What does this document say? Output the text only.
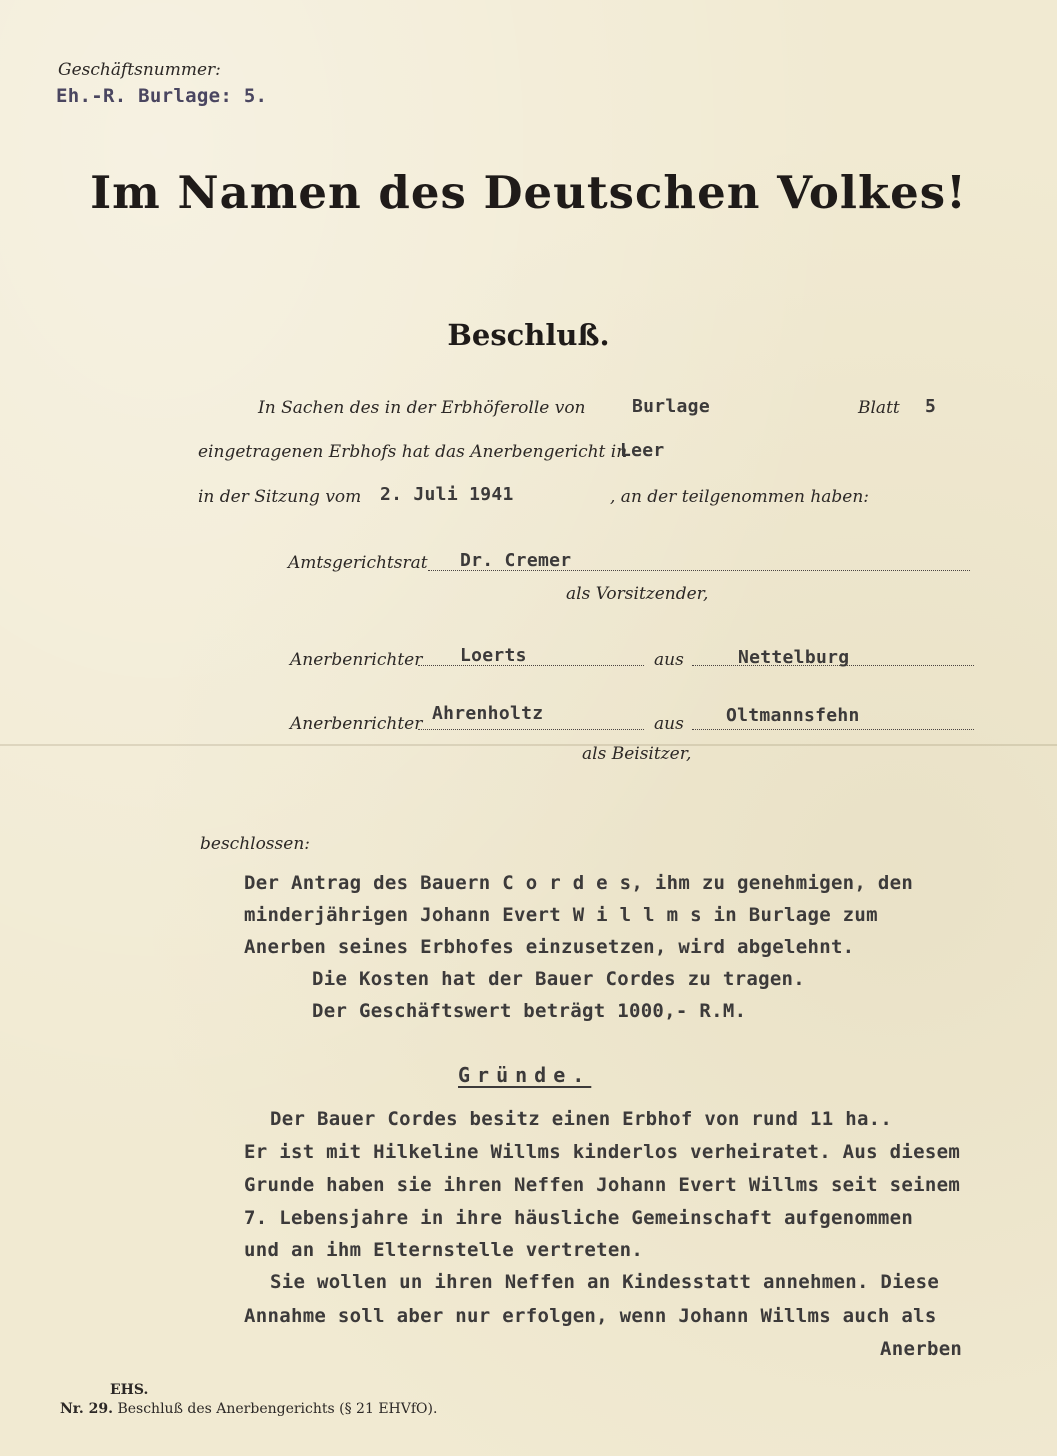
Geschäftsnummer:
Eh.-R. Burlage: 5.
Im Namen des Deutschen Volkes!
Beschluß.
In Sachen des in der Erbhöferolle von	Burlage	Blatt 5
eingetragenen Erbhofs hat das Anerbengericht in
Leer
in der Sitzung vom 2. Juli 1941	, an der teilgenommen haben:
Amtsgerichtsrat Dr. Cremer
als Vorsitzender,
Anerbenrichter Loerts	aus	Nettelburg
Anerbenrichter Ahrenholtz	aus Oltmannsfehn
als Beisitzer,
beschlossen:
Der Antrag des Bauern C o r d e s, ihm zu genehmigen, den
minderjährigen Johann Evert W i l l m s in Burlage zum
Anerben seines Erbhofes einzusetzen, wird abgelehnt.
Die Kosten hat der Bauer Cordes zu tragen.
Der Geschäftswert beträgt 1000,- R.M.
Gründe.
Der Bauer Cordes besitz einen Erbhof von rund 11 ha..
Er ist mit Hilkeline Willms kinderlos verheiratet. Aus diesem
Grunde haben sie ihren Neffen Johann Evert Willms seit seinem
7. Lebensjahre in ihre häusliche Gemeinschaft aufgenommen
und an ihm Elternstelle vertreten.
Sie wollen un ihren Neffen an Kindesstatt annehmen. Diese
Annahme soll aber nur erfolgen, wenn Johann Willms auch als
Anerben
EHS.
Nr. 29. Beschluß des Anerbengerichts (§ 21 EHVfO).
